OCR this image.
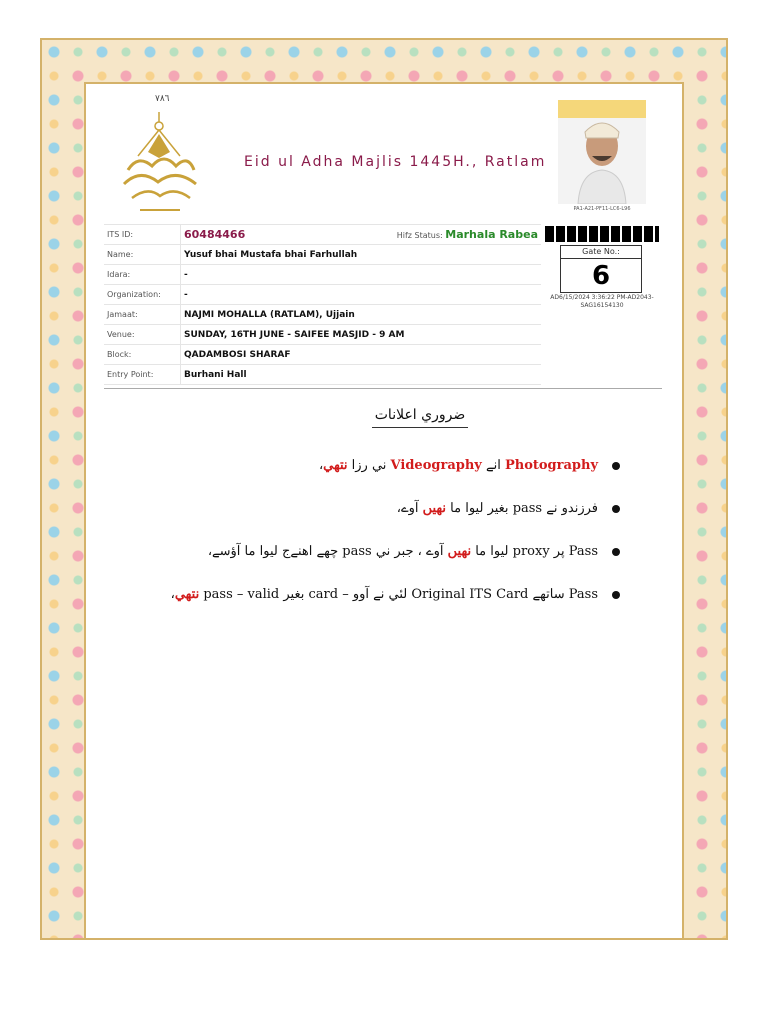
٧٨٦
Eid ul Adha Majlis 1445H., Ratlam
PA1-A21-PF11-LC6-L96
ITS ID:	60484466 Hifz Status: Marhala Rabea

Name:	Yusuf bhai Mustafa bhai Farhullah
Idara:	-
Organization:	-
Jamaat:	NAJMI MOHALLA (RATLAM), Ujjain
Venue:	SUNDAY, 16TH JUNE - SAIFEE MASJID - 9 AM
Block:	QADAMBOSI SHARAF
Entry Point:	Burhani Hall
Gate No.:
6
AD6/15/2024 3:36:22 PM-AD2043-
SAG16154130
ضروري اعلانات
Photography انے Videography ني رزا نتهي،
فرزندو نے pass بغير ليوا ما نهيں آوے،
Pass پر proxy ليوا ما نهيں آوے ، جبر ني pass چهے اهنےج ليوا ما آؤسے،
Pass ساتهے Original ITS Card لئي نے آوو – card بغير pass – valid نتهي،
